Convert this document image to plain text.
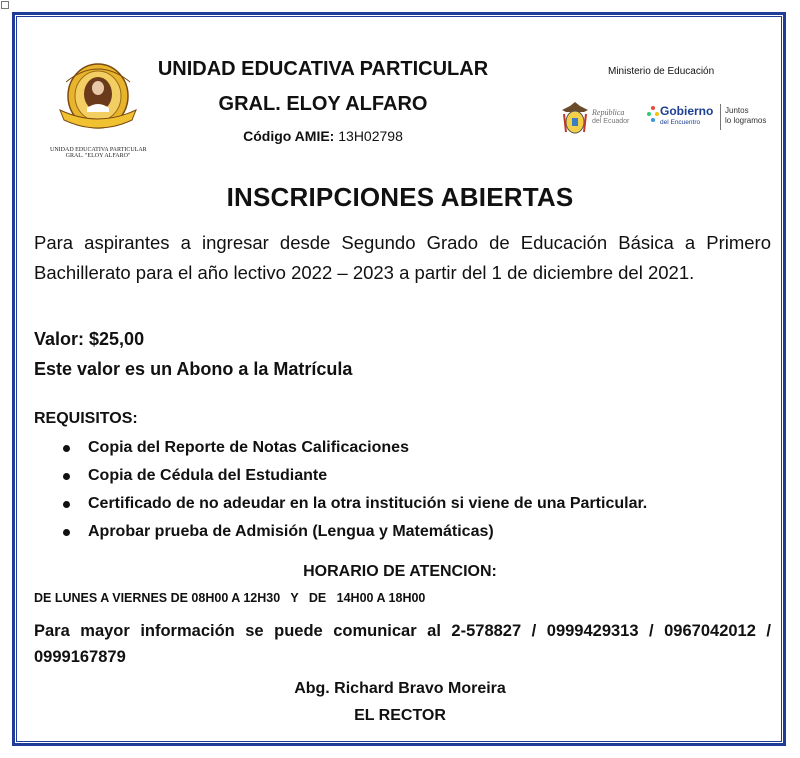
UNIDAD EDUCATIVA PARTICULAR
GRAL. "ELOY ALFARO"
UNIDAD EDUCATIVA PARTICULAR
GRAL. ELOY ALFARO
Código AMIE: 13H02798
Ministerio de Educación
República
del Ecuador
Gobierno
del Encuentro
Juntos
lo logramos
INSCRIPCIONES ABIERTAS
Para aspirantes a ingresar desde Segundo Grado de Educación Básica a Primero Bachillerato para el año lectivo 2022 – 2023 a partir del 1 de diciembre del 2021.
Valor: $25,00
Este valor es un Abono a la Matrícula
REQUISITOS:
Copia del Reporte de Notas Calificaciones
Copia de Cédula del Estudiante
Certificado de no adeudar en la otra institución si viene de una Particular.
Aprobar prueba de Admisión (Lengua y Matemáticas)
HORARIO DE ATENCION:
DE LUNES A VIERNES DE 08H00 A 12H30   Y   DE   14H00 A 18H00
Para mayor información se puede comunicar al 2-578827 / 0999429313 / 0967042012 / 0999167879
Abg. Richard Bravo Moreira
EL RECTOR
